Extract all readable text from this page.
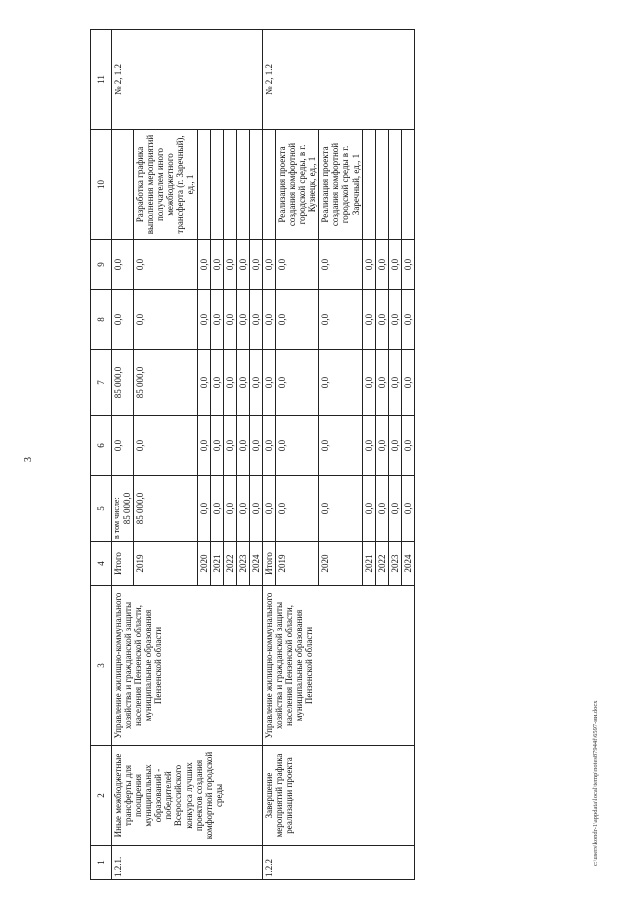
3
1	2	3	4	5	6	7	8	9	10	11
1.2.1.	Иные межбюджетные трансферты для поощрения муниципальных образований - победителей Всероссийского конкурса лучших проектов создания комфортной городской среды	Управление жилищно-коммунального хозяйства и гражданской защиты населения Пензенской области, муниципальные образования Пензенской области	Итого	в том числе: 85 000,0	0,0	85 000,0	0,0	0,0		№ 2, 1.2
			2019	85 000,0	0,0	85 000,0	0,0	0,0	Разработка графика выполнения мероприятий получателем иного межбюджетного трансферта (г. Заречный), ед., 1	
			2020	0,0	0,0	0,0	0,0	0,0		
			2021	0,0	0,0	0,0	0,0	0,0		
			2022	0,0	0,0	0,0	0,0	0,0		
			2023	0,0	0,0	0,0	0,0	0,0		
			2024	0,0	0,0	0,0	0,0	0,0		
1.2.2	Завершение мероприятий графика реализации проекта	Управление жилищно-коммунального хозяйства и гражданской защиты населения Пензенской области, муниципальные образования Пензенской области	Итого	0,0	0,0	0,0	0,0	0,0		№ 2, 1.2
			2019	0,0	0,0	0,0	0,0	0,0	Реализация проекта создания комфортной городской среды, в г. Кузнецк, ед., 1	
			2020	0,0	0,0	0,0	0,0	0,0	Реализация проекта создания комфортной городской среды в г. Заречный, ед., 1	
			2021	0,0	0,0	0,0	0,0	0,0		
			2022	0,0	0,0	0,0	0,0	0,0		
			2023	0,0	0,0	0,0	0,0	0,0		
			2024	0,0	0,0	0,0	0,0	0,0		
c:\users\kondr-1\appdata\local\temp\notes87944f\6597-ии.docx
